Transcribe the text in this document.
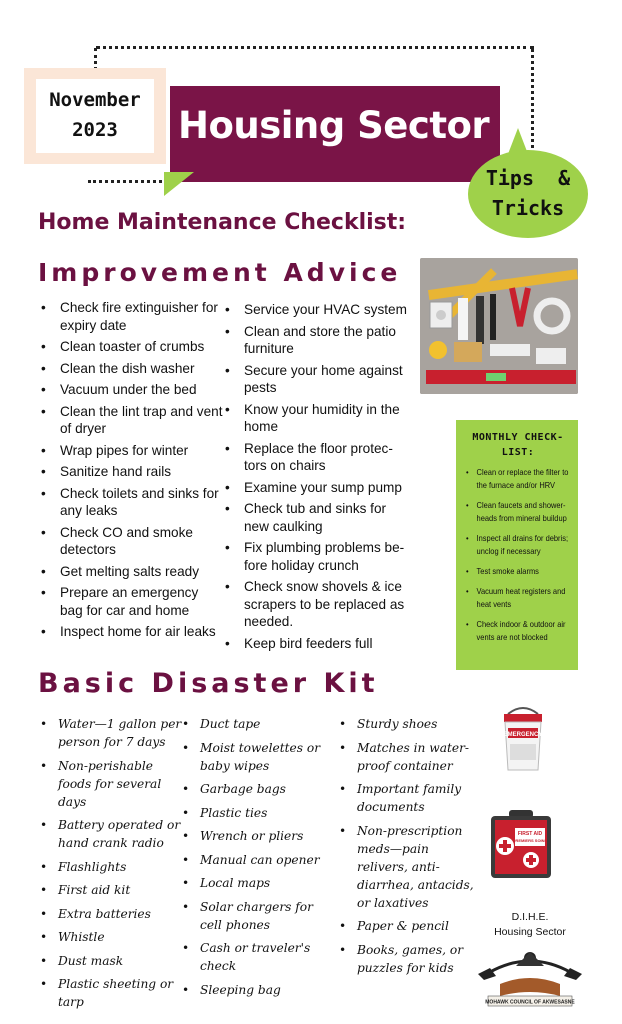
November
2023	Housing Sector
Tips  &
Tricks
Home Maintenance Checklist:
Improvement Advice
• Check fire extinguisher for expiry date
• Clean toaster of crumbs
• Clean the dish washer
• Vacuum under the bed
• Clean the lint trap and vent of dryer
• Wrap pipes for winter
• Sanitize hand rails
• Check toilets and sinks for any leaks
• Check CO and smoke detectors
• Get melting salts ready
• Prepare an emergency bag for car and home
• Inspect home for air leaks
• Service your HVAC system
• Clean and store the patio furniture
• Secure your home against pests
• Know your humidity in the home
• Replace the floor protec-tors on chairs
• Examine your sump pump
• Check tub and sinks for new caulking
• Fix plumbing problems be-fore holiday crunch
• Check snow shovels & ice scrapers to be replaced as needed.
• Keep bird feeders full
MONTHLY CHECK-LIST:
• Clean or replace the filter to the furnace and/or HRV
• Clean faucets and shower-heads from mineral buildup
• Inspect all drains for debris; unclog if necessary
• Test smoke alarms
• Vacuum heat registers and heat vents
• Check indoor & outdoor air vents are not blocked
Basic Disaster Kit
• Water—1 gallon per person for 7 days
• Non-perishable foods for several days
• Battery operated or hand crank radio
• Flashlights
• First aid kit
• Extra batteries
• Whistle
• Dust mask
• Plastic sheeting or tarp
• Duct tape
• Moist towelettes or baby wipes
• Garbage bags
• Plastic ties
• Wrench or pliers
• Manual can opener
• Local maps
• Solar chargers for cell phones
• Cash or traveler's check
• Sleeping bag
• Sturdy shoes
• Matches in water-proof container
• Important family documents
• Non-prescription meds—pain relivers, anti-diarrhea, antacids, or laxatives
• Paper & pencil
• Books, games, or puzzles for kids
EMERGENCY
FIRST AID
PREMIERS SOINS
D.I.H.E.
Housing Sector
MOHAWK COUNCIL OF AKWESASNE
